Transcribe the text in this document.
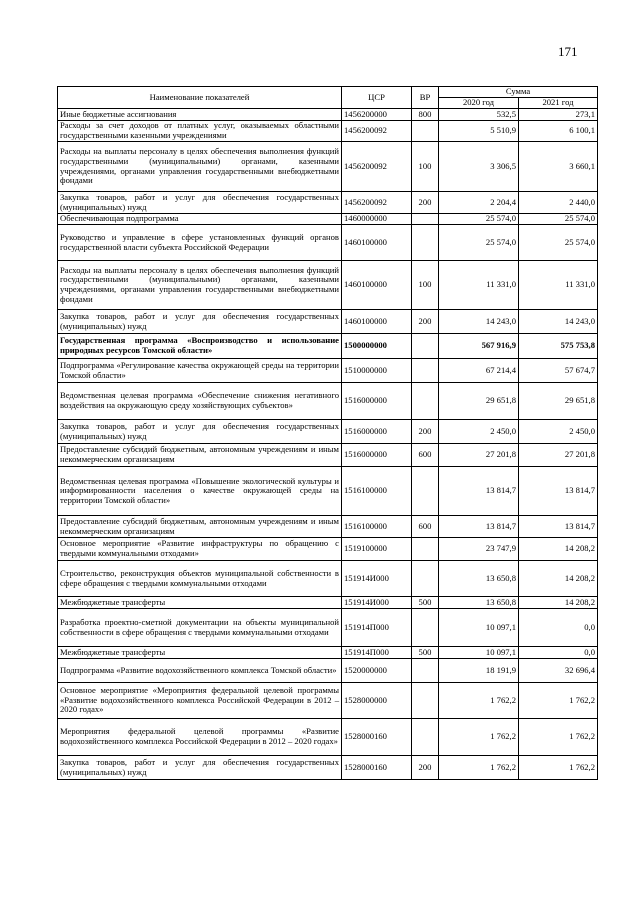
171
Наименование показателей	ЦСР	ВР	Сумма	
			2020 год	2021 год
Иные бюджетные ассигнования	1456200000	800	532,5	273,1
Расходы за счет доходов от платных услуг, оказываемых областными государственными казенными учреждениями	1456200092		5 510,9	6 100,1
Расходы на выплаты персоналу в целях обеспечения выполнения функций государственными (муниципальными) органами, казенными учреждениями, органами управления государственными внебюджетными фондами	1456200092	100	3 306,5	3 660,1
Закупка товаров, работ и услуг для обеспечения государственных (муниципальных) нужд	1456200092	200	2 204,4	2 440,0
Обеспечивающая подпрограмма	1460000000		25 574,0	25 574,0
Руководство и управление в сфере установленных функций органов государственной власти субъекта Российской Федерации	1460100000		25 574,0	25 574,0
Расходы на выплаты персоналу в целях обеспечения выполнения функций государственными (муниципальными) органами, казенными учреждениями, органами управления государственными внебюджетными фондами	1460100000	100	11 331,0	11 331,0
Закупка товаров, работ и услуг для обеспечения государственных (муниципальных) нужд	1460100000	200	14 243,0	14 243,0
Государственная программа «Воспроизводство и использование природных ресурсов Томской области»	1500000000		567 916,9	575 753,8
Подпрограмма «Регулирование качества окружающей среды на территории Томской области»	1510000000		67 214,4	57 674,7
Ведомственная целевая программа «Обеспечение снижения негативного воздействия на окружающую среду хозяйствующих субъектов»	1516000000		29 651,8	29 651,8
Закупка товаров, работ и услуг для обеспечения государственных (муниципальных) нужд	1516000000	200	2 450,0	2 450,0
Предоставление субсидий бюджетным, автономным учреждениям и иным некоммерческим организациям	1516000000	600	27 201,8	27 201,8
Ведомственная целевая программа «Повышение экологической культуры и информированности населения о качестве окружающей среды на территории Томской области»	1516100000		13 814,7	13 814,7
Предоставление субсидий бюджетным, автономным учреждениям и иным некоммерческим организациям	1516100000	600	13 814,7	13 814,7
Основное мероприятие «Развитие инфраструктуры по обращению с твердыми коммунальными отходами»	1519100000		23 747,9	14 208,2
Строительство, реконструкция объектов муниципальной собственности в сфере обращения с твердыми коммунальными отходами	151914И000		13 650,8	14 208,2
Межбюджетные трансферты	151914И000	500	13 650,8	14 208,2
Разработка проектно-сметной документации на объекты муниципальной собственности в сфере обращения с твердыми коммунальными отходами	151914П000		10 097,1	0,0
Межбюджетные трансферты	151914П000	500	10 097,1	0,0
Подпрограмма «Развитие водохозяйственного комплекса Томской области»	1520000000		18 191,9	32 696,4
Основное мероприятие «Мероприятия федеральной целевой программы «Развитие водохозяйственного комплекса Российской Федерации в 2012 – 2020 годах»	1528000000		1 762,2	1 762,2
Мероприятия федеральной целевой программы «Развитие водохозяйственного комплекса Российской Федерации в 2012 – 2020 годах»	1528000160		1 762,2	1 762,2
Закупка товаров, работ и услуг для обеспечения государственных (муниципальных) нужд	1528000160	200	1 762,2	1 762,2
